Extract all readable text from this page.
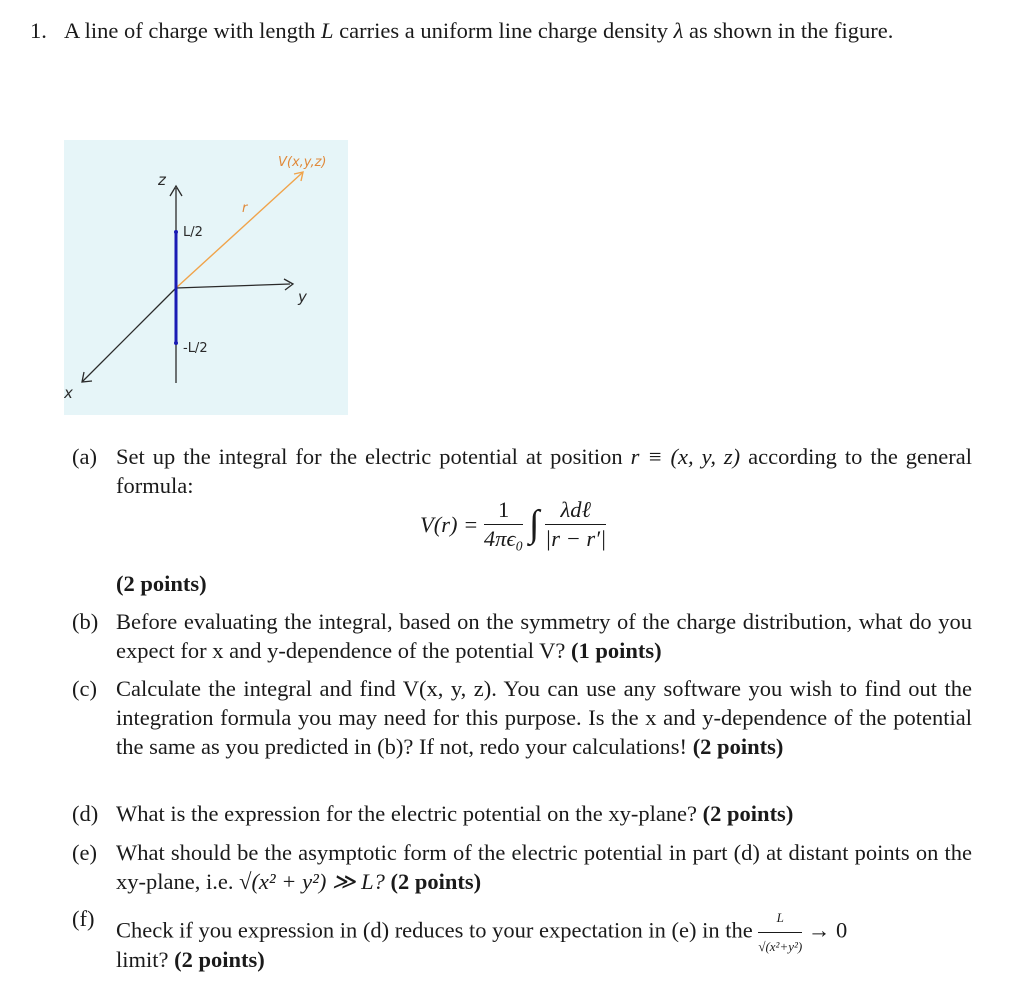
1. A line of charge with length L carries a uniform line charge density λ as shown in the figure.
V(x,y,z)
z
y
x
r
L/2
-L/2
(a) Set up the integral for the electric potential at position r ≡ (x, y, z) according to the general formula:
$V(r) = \frac{1}{\text{4πϵ₀}}$ ∫ $\frac{\text{λdℓ}}{|r - r'|}$
(2 points)
(b) Before evaluating the integral, based on the symmetry of the charge distribution, what do you expect for x and y-dependence of the potential V? (1 points)
(c) Calculate the integral and find V(x, y, z). You can use any software you wish to find out the integration formula you may need for this purpose. Is the x and y-dependence of the potential the same as you predicted in (b)? If not, redo your calculations! (2 points)
(d) What is the expression for the electric potential on the xy-plane? (2 points)
(e) What should be the asymptotic form of the electric potential in part (d) at distant points on the xy-plane, i.e. √(x² + y²) ≫ L? (2 points)
(f) Check if you expression in (d) reduces to your expectation in (e) in the $\frac{L}{\text{√(x²+y²)}} \to 0$
limit? (2 points)
